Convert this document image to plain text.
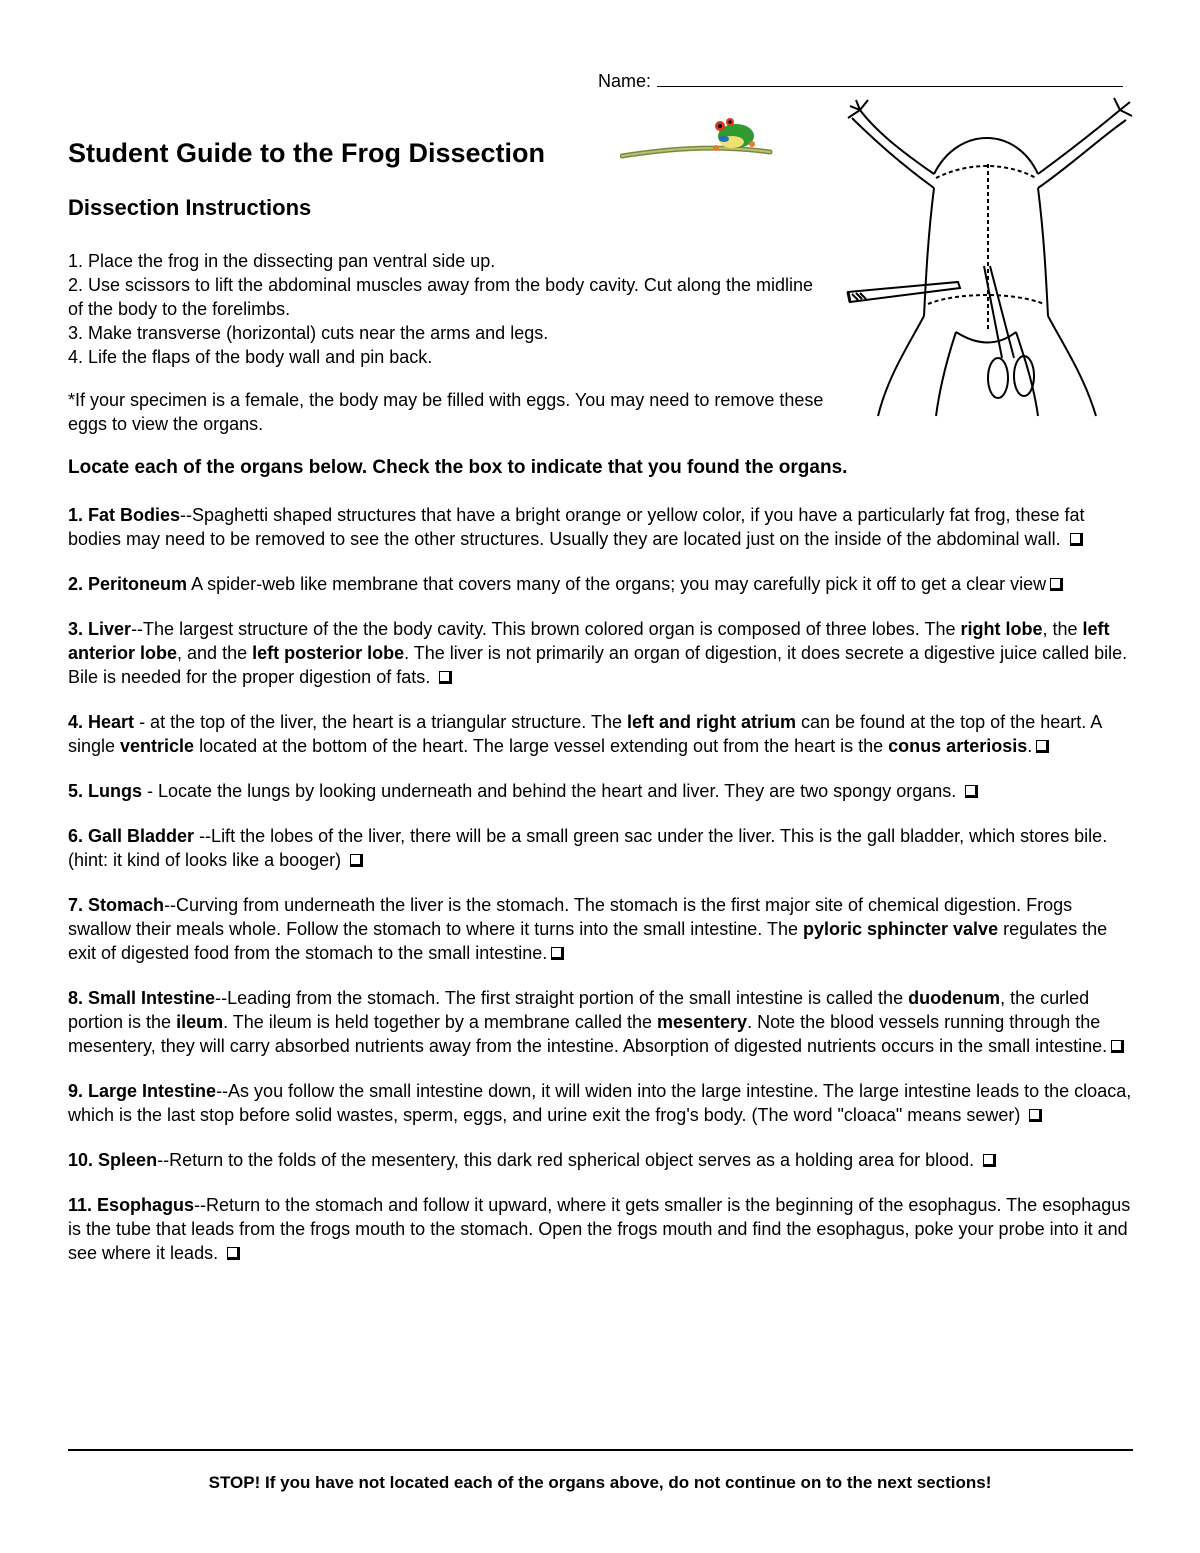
Name:
Student Guide to the Frog Dissection
Dissection Instructions

1. Place the frog in the dissecting pan ventral side up.

2. Use scissors to lift the abdominal muscles away from the body cavity. Cut along the midline of the body to the forelimbs.

3. Make transverse (horizontal) cuts near the arms and legs.

4. Life the flaps of the body wall and pin back.

*If your specimen is a female, the body may be filled with eggs. You may need to remove these eggs to view the organs.

Locate each of the organs below. Check the box to indicate that you found the organs.

1. Fat Bodies--Spaghetti shaped structures that have a bright orange or yellow color, if you have a particularly fat frog, these fat bodies may need to be removed to see the other structures. Usually they are located just on the inside of the abdominal wall.

2. Peritoneum A spider-web like membrane that covers many of the organs; you may carefully pick it off to get a clear view

3. Liver--The largest structure of the the body cavity. This brown colored organ is composed of three lobes. The right lobe, the left anterior lobe, and the left posterior lobe. The liver is not primarily an organ of digestion, it does secrete a digestive juice called bile. Bile is needed for the proper digestion of fats.

4. Heart - at the top of the liver, the heart is a triangular structure. The left and right atrium can be found at the top of the heart. A single ventricle located at the bottom of the heart. The large vessel extending out from the heart is the conus arteriosis.

5. Lungs - Locate the lungs by looking underneath and behind the heart and liver. They are two spongy organs.

6. Gall Bladder --Lift the lobes of the liver, there will be a small green sac under the liver. This is the gall bladder, which stores bile. (hint: it kind of looks like a booger)

7. Stomach--Curving from underneath the liver is the stomach. The stomach is the first major site of chemical digestion. Frogs swallow their meals whole. Follow the stomach to where it turns into the small intestine. The pyloric sphincter valve regulates the exit of digested food from the stomach to the small intestine.

8. Small Intestine--Leading from the stomach. The first straight portion of the small intestine is called the duodenum, the curled portion is the ileum. The ileum is held together by a membrane called the mesentery. Note the blood vessels running through the mesentery, they will carry absorbed nutrients away from the intestine. Absorption of digested nutrients occurs in the small intestine.

9. Large Intestine--As you follow the small intestine down, it will widen into the large intestine. The large intestine leads to the cloaca, which is the last stop before solid wastes, sperm, eggs, and urine exit the frog's body. (The word "cloaca" means sewer)

10. Spleen--Return to the folds of the mesentery, this dark red spherical object serves as a holding area for blood.

11. Esophagus--Return to the stomach and follow it upward, where it gets smaller is the beginning of the esophagus. The esophagus is the tube that leads from the frogs mouth to the stomach. Open the frogs mouth and find the esophagus, poke your probe into it and see where it leads.

STOP! If you have not located each of the organs above, do not continue on to the next sections!
